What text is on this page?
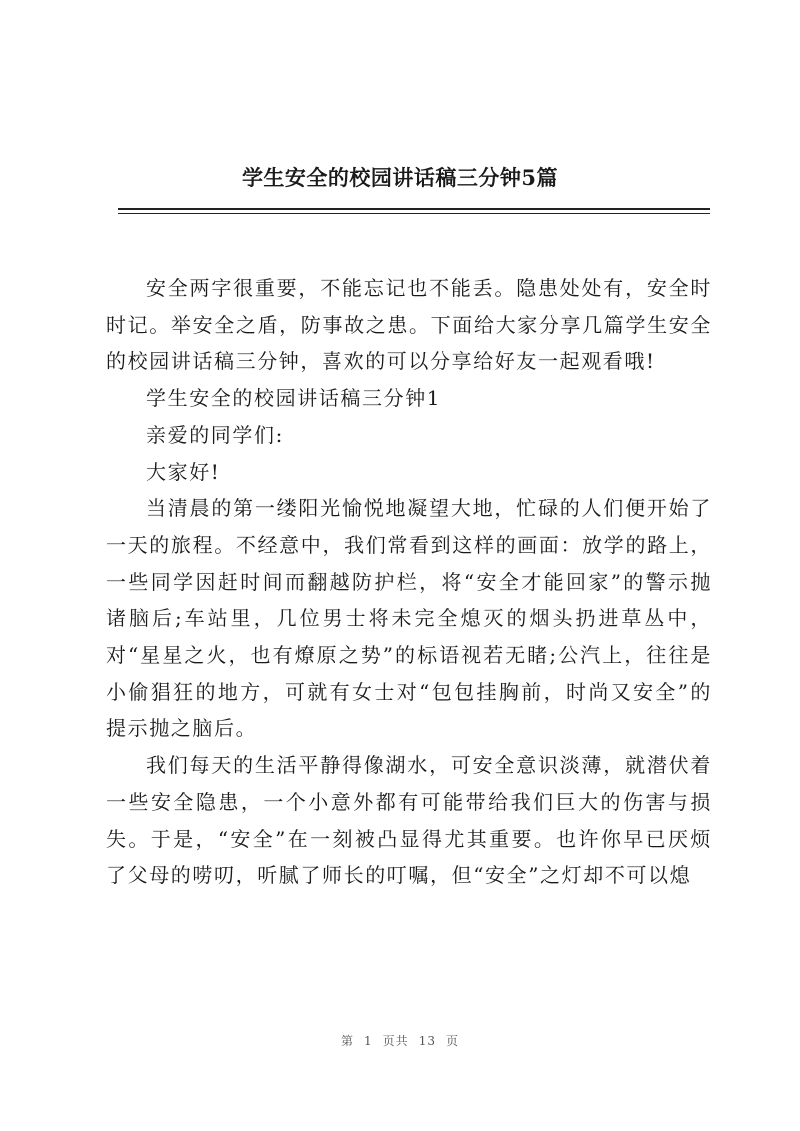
学生安全的校园讲话稿三分钟5篇

安全两字很重要，不能忘记也不能丢。隐患处处有，安全时时记。举安全之盾，防事故之患。下面给大家分享几篇学生安全的校园讲话稿三分钟，喜欢的可以分享给好友一起观看哦!

学生安全的校园讲话稿三分钟1

亲爱的同学们:

大家好!

当清晨的第一缕阳光愉悦地凝望大地，忙碌的人们便开始了一天的旅程。不经意中，我们常看到这样的画面：放学的路上，一些同学因赶时间而翻越防护栏，将“安全才能回家”的警示抛诸脑后;车站里，几位男士将未完全熄灭的烟头扔进草丛中，对“星星之火，也有燎原之势”的标语视若无睹;公汽上，往往是小偷猖狂的地方，可就有女士对“包包挂胸前，时尚又安全”的提示抛之脑后。

我们每天的生活平静得像湖水，可安全意识淡薄，就潜伏着一些安全隐患，一个小意外都有可能带给我们巨大的伤害与损失。于是，“安全”在一刻被凸显得尤其重要。也许你早已厌烦了父母的唠叨，听腻了师长的叮嘱，但“安全”之灯却不可以熄

第 1 页共 13 页
